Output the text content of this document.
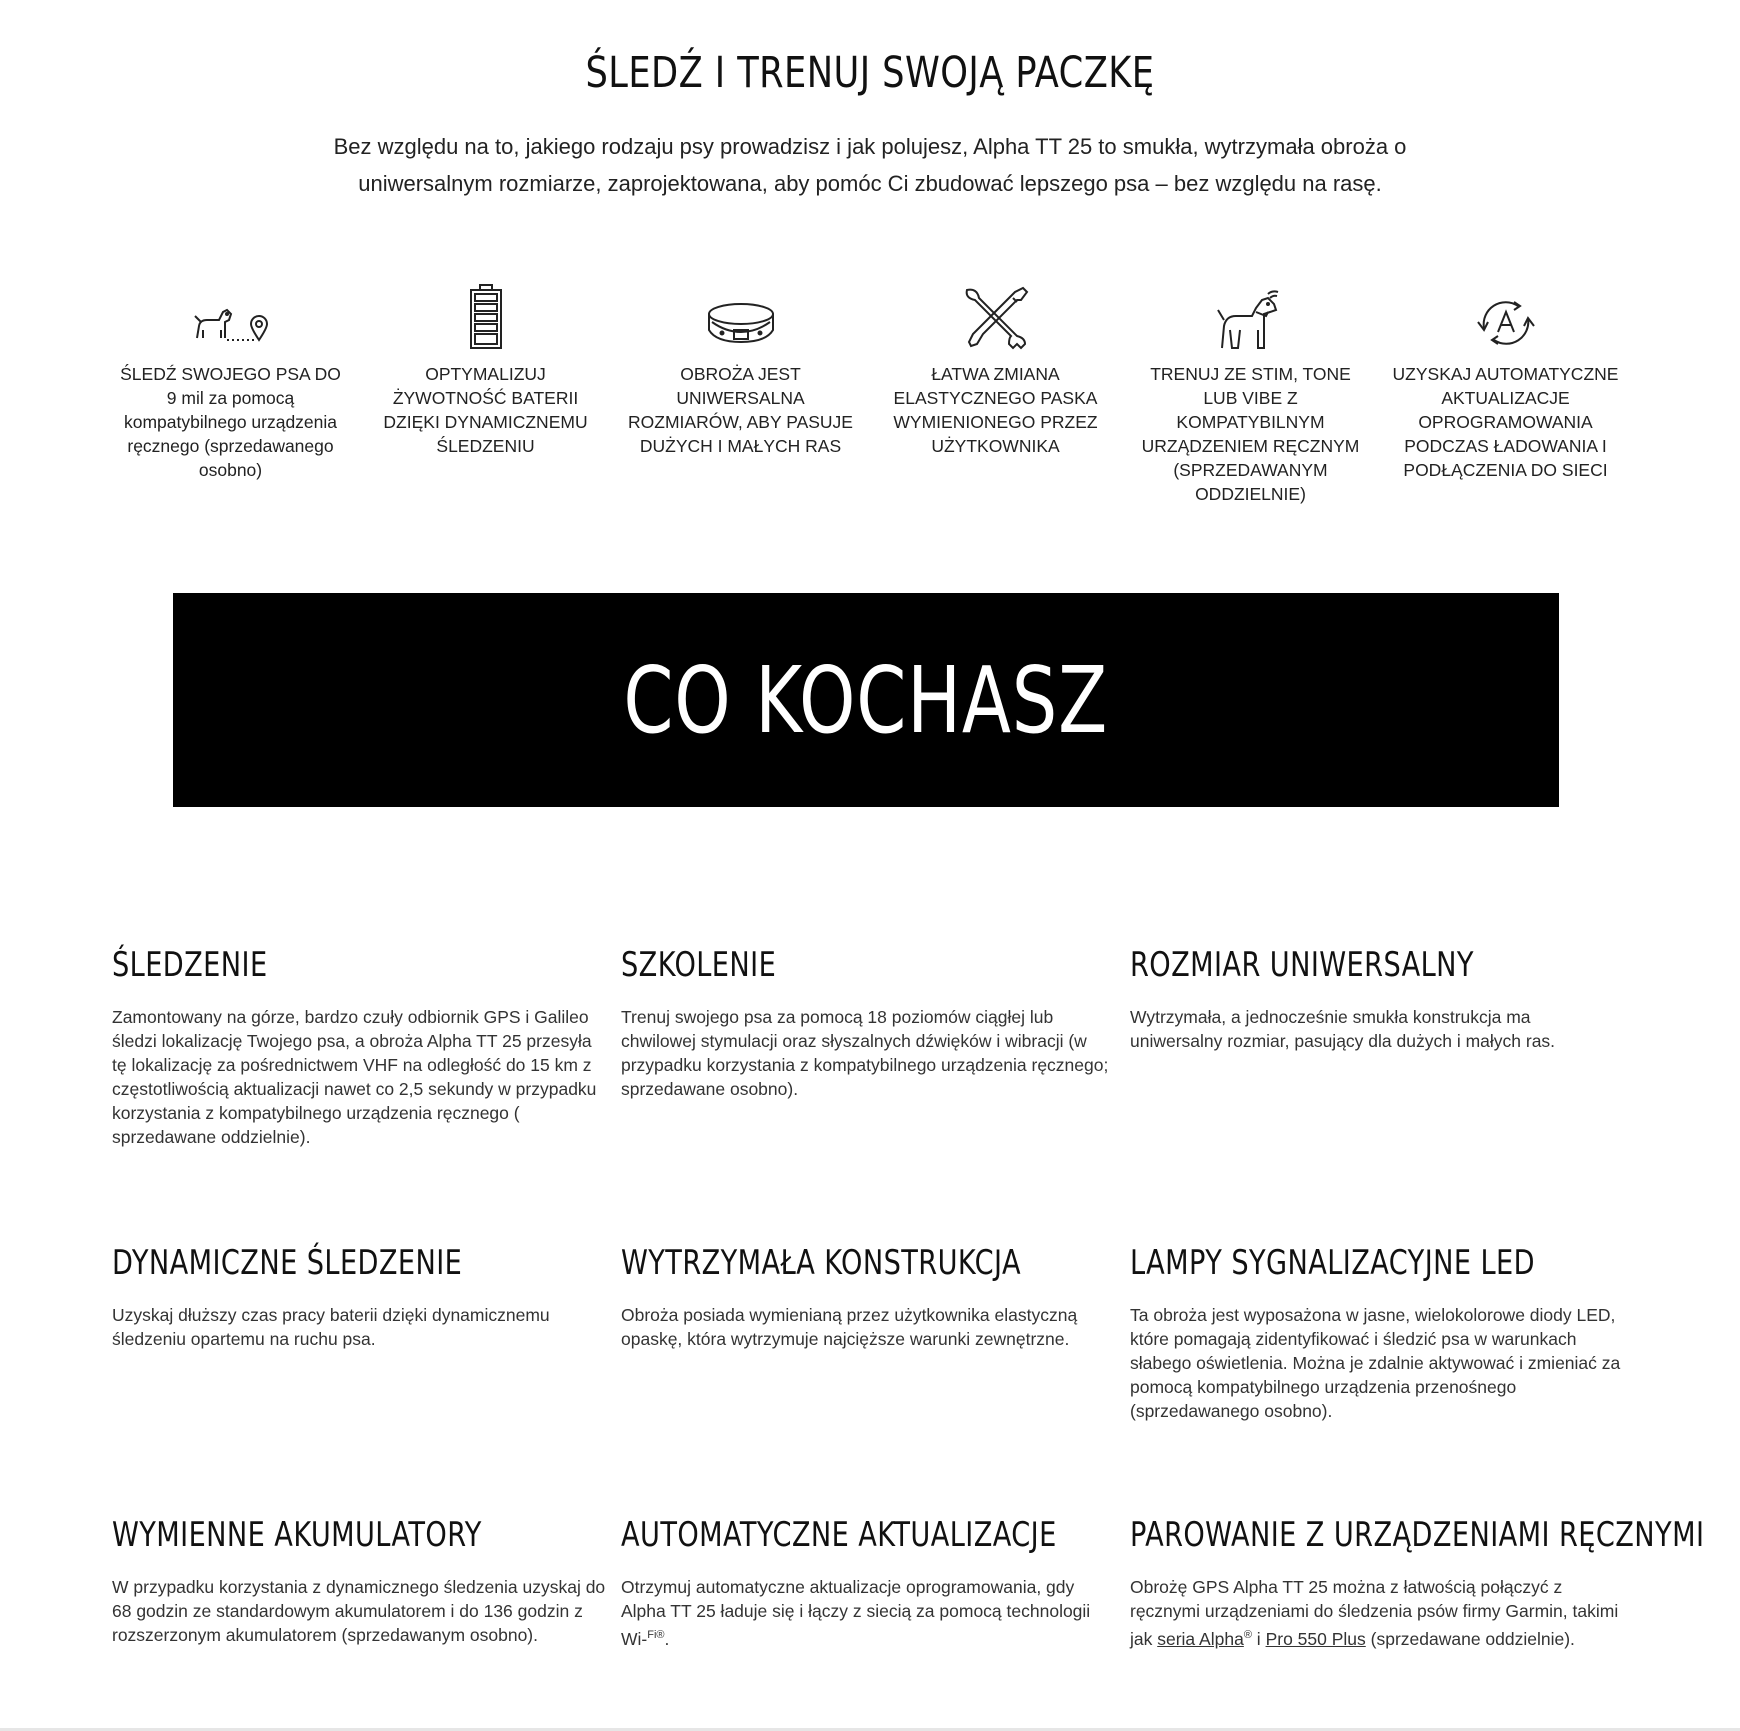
ŚLEDŹ I TRENUJ SWOJĄ PACZKĘ

Bez względu na to, jakiego rodzaju psy prowadzisz i jak polujesz, Alpha TT 25 to smukła, wytrzymała obroża o uniwersalnym rozmiarze, zaprojektowana, aby pomóc Ci zbudować lepszego psa – bez względu na rasę.

ŚLEDŹ SWOJEGO PSA DO 9 mil za pomocą kompatybilnego urządzenia ręcznego (sprzedawanego osobno)
OPTYMALIZUJ ŻYWOTNOŚĆ BATERII DZIĘKI DYNAMICZNEMU ŚLEDZENIU
OBROŻA JEST UNIWERSALNA ROZMIARÓW, ABY PASUJE DUŻYCH I MAŁYCH RAS
ŁATWA ZMIANA ELASTYCZNEGO PASKA WYMIENIONEGO PRZEZ UŻYTKOWNIKA
TRENUJ ZE STIM, TONE LUB VIBE Z KOMPATYBILNYM URZĄDZENIEM RĘCZNYM (SPRZEDAWANYM ODDZIELNIE)
UZYSKAJ AUTOMATYCZNE AKTUALIZACJE OPROGRAMOWANIA PODCZAS ŁADOWANIA I PODŁĄCZENIA DO SIECI
CO KOCHASZ
ŚLEDZENIE

Zamontowany na górze, bardzo czuły odbiornik GPS i Galileo śledzi lokalizację Twojego psa, a obroża Alpha TT 25 przesyła tę lokalizację za pośrednictwem VHF na odległość do 15 km z częstotliwością aktualizacji nawet co 2,5 sekundy w przypadku korzystania z kompatybilnego urządzenia ręcznego ( sprzedawane oddzielnie).

SZKOLENIE

Trenuj swojego psa za pomocą 18 poziomów ciągłej lub chwilowej stymulacji oraz słyszalnych dźwięków i wibracji (w przypadku korzystania z kompatybilnego urządzenia ręcznego; sprzedawane osobno).

ROZMIAR UNIWERSALNY

Wytrzymała, a jednocześnie smukła konstrukcja ma uniwersalny rozmiar, pasujący dla dużych i małych ras.

DYNAMICZNE ŚLEDZENIE

Uzyskaj dłuższy czas pracy baterii dzięki dynamicznemu śledzeniu opartemu na ruchu psa.

WYTRZYMAŁA KONSTRUKCJA

Obroża posiada wymienianą przez użytkownika elastyczną opaskę, która wytrzymuje najcięższe warunki zewnętrzne.

LAMPY SYGNALIZACYJNE LED

Ta obroża jest wyposażona w jasne, wielokolorowe diody LED, które pomagają zidentyfikować i śledzić psa w warunkach słabego oświetlenia. Można je zdalnie aktywować i zmieniać za pomocą kompatybilnego urządzenia przenośnego (sprzedawanego osobno).

WYMIENNE AKUMULATORY

W przypadku korzystania z dynamicznego śledzenia uzyskaj do 68 godzin ze standardowym akumulatorem i do 136 godzin z rozszerzonym akumulatorem (sprzedawanym osobno).

AUTOMATYCZNE AKTUALIZACJE

Otrzymuj automatyczne aktualizacje oprogramowania, gdy Alpha TT 25 ładuje się i łączy z siecią za pomocą technologii Wi-$^{Fi®}$.

PAROWANIE Z URZĄDZENIAMI RĘCZNYMI

Obrożę GPS Alpha TT 25 można z łatwością połączyć z ręcznymi urządzeniami do śledzenia psów firmy Garmin, takimi jak seria Alpha® i Pro 550 Plus (sprzedawane oddzielnie).
